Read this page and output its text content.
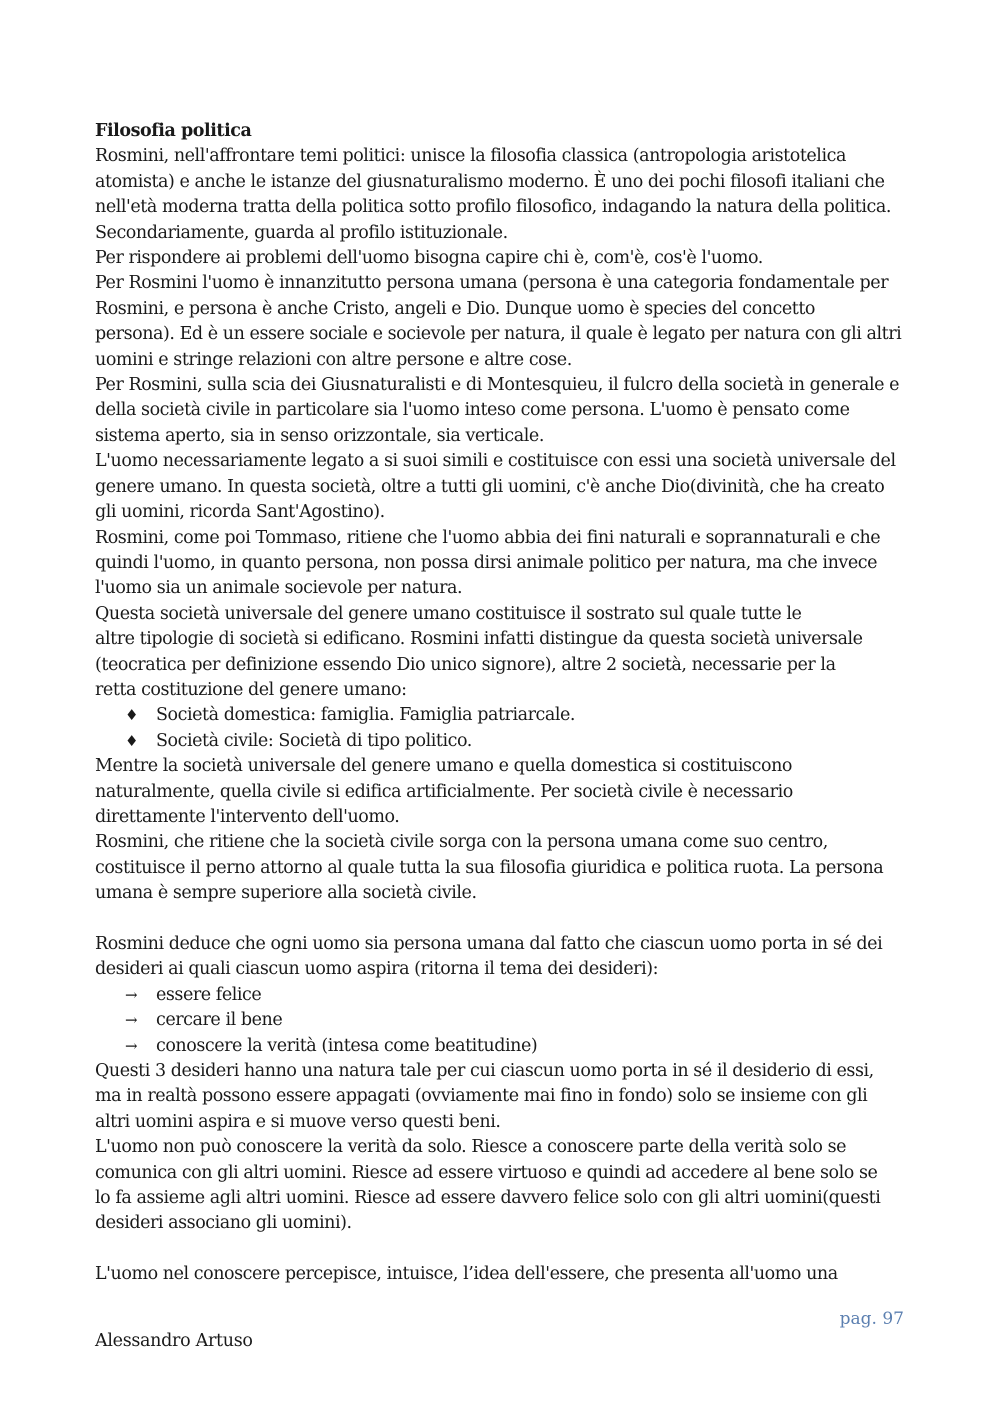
Filosofia politica
Rosmini, nell'affrontare temi politici: unisce la filosofia classica (antropologia aristotelica
atomista) e anche le istanze del giusnaturalismo moderno. È uno dei pochi filosofi italiani che
nell'età moderna tratta della politica sotto profilo filosofico, indagando la natura della politica.
Secondariamente, guarda al profilo istituzionale.
Per rispondere ai problemi dell'uomo bisogna capire chi è, com'è, cos'è l'uomo.
Per Rosmini l'uomo è innanzitutto persona umana (persona è una categoria fondamentale per
Rosmini, e persona è anche Cristo, angeli e Dio. Dunque uomo è species del concetto
persona). Ed è un essere sociale e socievole per natura, il quale è legato per natura con gli altri
uomini e stringe relazioni con altre persone e altre cose.
Per Rosmini, sulla scia dei Giusnaturalisti e di Montesquieu, il fulcro della società in generale e
della società civile in particolare sia l'uomo inteso come persona. L'uomo è pensato come
sistema aperto, sia in senso orizzontale, sia verticale.
L'uomo necessariamente legato a si suoi simili e costituisce con essi una società universale del
genere umano. In questa società, oltre a tutti gli uomini, c'è anche Dio(divinità, che ha creato
gli uomini, ricorda Sant'Agostino).
Rosmini, come poi Tommaso, ritiene che l'uomo abbia dei fini naturali e soprannaturali e che
quindi l'uomo, in quanto persona, non possa dirsi animale politico per natura, ma che invece
l'uomo sia un animale socievole per natura.
Questa società universale del genere umano costituisce il sostrato sul quale tutte le
altre tipologie di società si edificano. Rosmini infatti distingue da questa società universale
(teocratica per definizione essendo Dio unico signore), altre 2 società, necessarie per la
retta costituzione del genere umano:
♦ Società domestica: famiglia. Famiglia patriarcale.
♦ Società civile: Società di tipo politico.
Mentre la società universale del genere umano e quella domestica si costituiscono
naturalmente, quella civile si edifica artificialmente. Per società civile è necessario
direttamente l'intervento dell'uomo.
Rosmini, che ritiene che la società civile sorga con la persona umana come suo centro,
costituisce il perno attorno al quale tutta la sua filosofia giuridica e politica ruota. La persona
umana è sempre superiore alla società civile.
Rosmini deduce che ogni uomo sia persona umana dal fatto che ciascun uomo porta in sé dei
desideri ai quali ciascun uomo aspira (ritorna il tema dei desideri):
→ essere felice
→ cercare il bene
→ conoscere la verità (intesa come beatitudine)
Questi 3 desideri hanno una natura tale per cui ciascun uomo porta in sé il desiderio di essi,
ma in realtà possono essere appagati (ovviamente mai fino in fondo) solo se insieme con gli
altri uomini aspira e si muove verso questi beni.
L'uomo non può conoscere la verità da solo. Riesce a conoscere parte della verità solo se
comunica con gli altri uomini. Riesce ad essere virtuoso e quindi ad accedere al bene solo se
lo fa assieme agli altri uomini. Riesce ad essere davvero felice solo con gli altri uomini(questi
desideri associano gli uomini).
L'uomo nel conoscere percepisce, intuisce, l’idea dell'essere, che presenta all'uomo una
pag. 97
Alessandro Artuso
